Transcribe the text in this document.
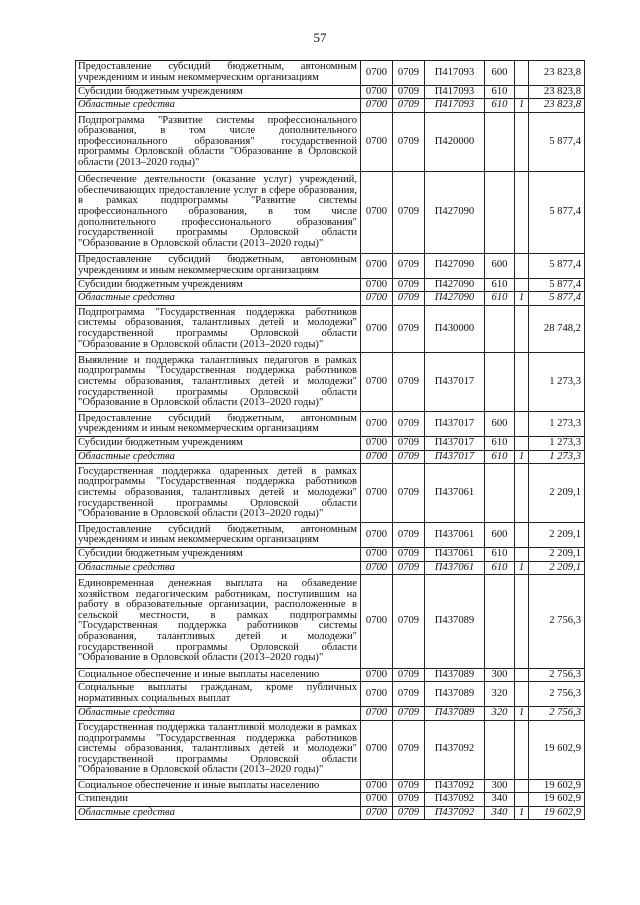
57
Предоставление субсидий бюджетным, автономным учреждениям и иным некоммерческим организациям	0700	0709	П417093	600		23 823,8
Субсидии бюджетным учреждениям	0700	0709	П417093	610		23 823,8
Областные средства	0700	0709	П417093	610	1	23 823,8
Подпрограмма "Развитие системы профессионального образования, в том числе дополнительного профессионального образования" государственной программы Орловской области "Образование в Орловской области (2013–2020 годы)"	0700	0709	П420000			5 877,4
Обеспечение деятельности (оказание услуг) учреждений, обеспечивающих предоставление услуг в сфере образования, в рамках подпрограммы "Развитие системы профессионального образования, в том числе дополнительного профессионального образования" государственной программы Орловской области "Образование в Орловской области (2013–2020 годы)"	0700	0709	П427090			5 877,4
Предоставление субсидий бюджетным, автономным учреждениям и иным некоммерческим организациям	0700	0709	П427090	600		5 877,4
Субсидии бюджетным учреждениям	0700	0709	П427090	610		5 877,4
Областные средства	0700	0709	П427090	610	1	5 877,4
Подпрограмма "Государственная поддержка работников системы образования, талантливых детей и молодежи" государственной программы Орловской области "Образование в Орловской области (2013–2020 годы)"	0700	0709	П430000			28 748,2
Выявление и поддержка талантливых педагогов в рамках подпрограммы "Государственная поддержка работников системы образования, талантливых детей и молодежи" государственной программы Орловской области "Образование в Орловской области (2013–2020 годы)"	0700	0709	П437017			1 273,3
Предоставление субсидий бюджетным, автономным учреждениям и иным некоммерческим организациям	0700	0709	П437017	600		1 273,3
Субсидии бюджетным учреждениям	0700	0709	П437017	610		1 273,3
Областные средства	0700	0709	П437017	610	1	1 273,3
Государственная поддержка одаренных детей в рамках подпрограммы "Государственная поддержка работников системы образования, талантливых детей и молодежи" государственной программы Орловской области "Образование в Орловской области (2013–2020 годы)"	0700	0709	П437061			2 209,1
Предоставление субсидий бюджетным, автономным учреждениям и иным некоммерческим организациям	0700	0709	П437061	600		2 209,1
Субсидии бюджетным учреждениям	0700	0709	П437061	610		2 209,1
Областные средства	0700	0709	П437061	610	1	2 209,1
Единовременная денежная выплата на обзаведение хозяйством педагогическим работникам, поступившим на работу в образовательные организации, расположенные в сельской местности, в рамках подпрограммы "Государственная поддержка работников системы образования, талантливых детей и молодежи" государственной программы Орловской области "Образование в Орловской области (2013–2020 годы)"	0700	0709	П437089			2 756,3
Социальное обеспечение и иные выплаты населению	0700	0709	П437089	300		2 756,3
Социальные выплаты гражданам, кроме публичных нормативных социальных выплат	0700	0709	П437089	320		2 756,3
Областные средства	0700	0709	П437089	320	1	2 756,3
Государственная поддержка талантливой молодежи в рамках подпрограммы "Государственная поддержка работников системы образования, талантливых детей и молодежи" государственной программы Орловской области "Образование в Орловской области (2013–2020 годы)"	0700	0709	П437092			19 602,9
Социальное обеспечение и иные выплаты населению	0700	0709	П437092	300		19 602,9
Стипендии	0700	0709	П437092	340		19 602,9
Областные средства	0700	0709	П437092	340	1	19 602,9
